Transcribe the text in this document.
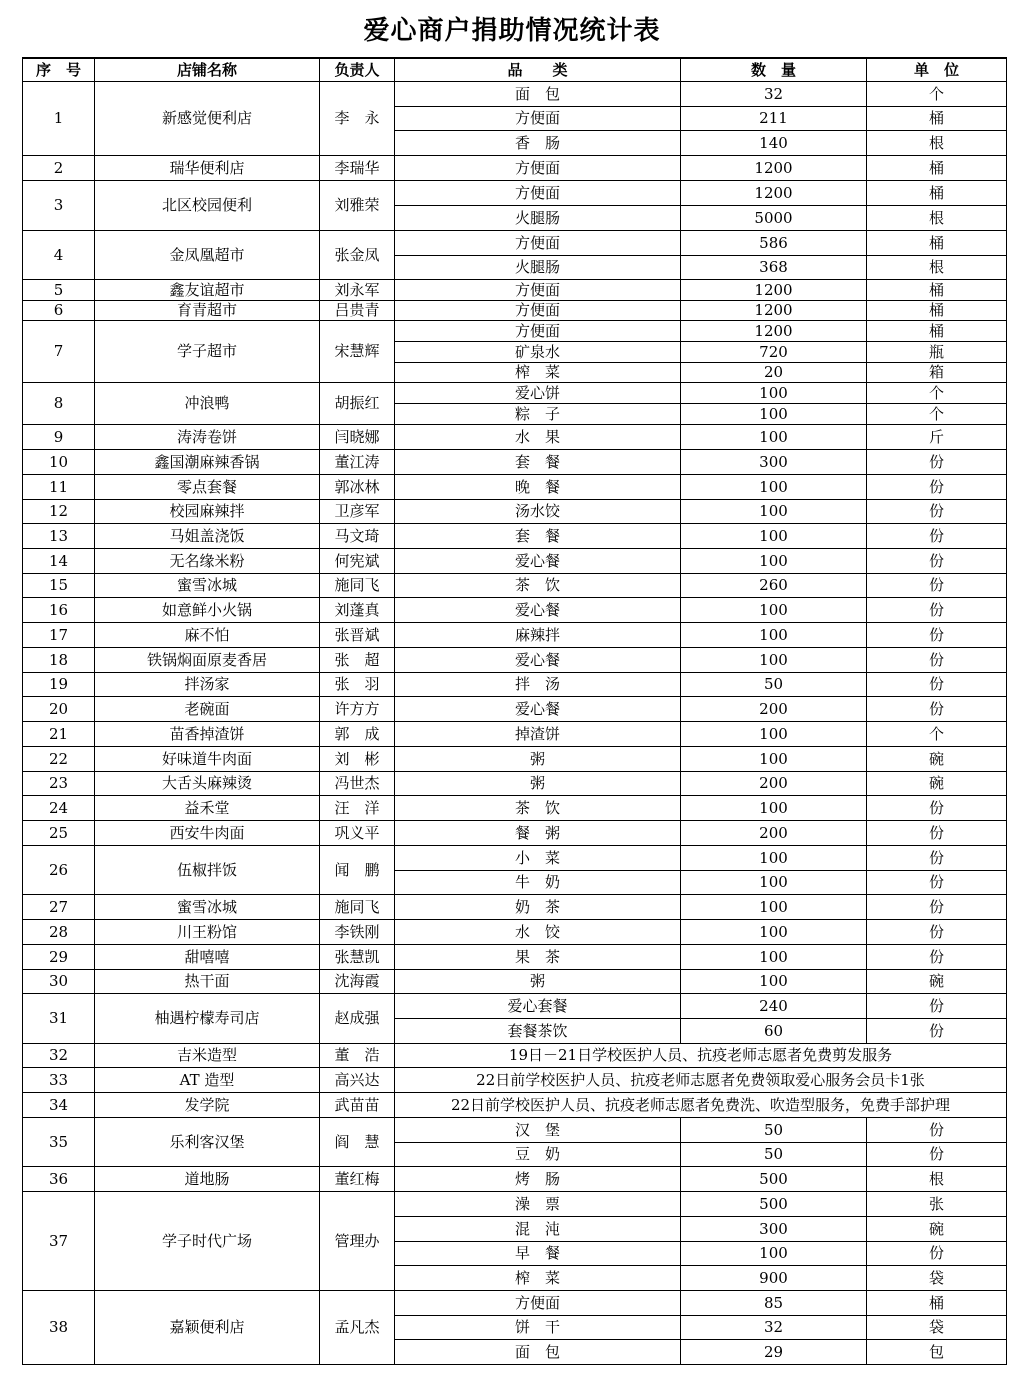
爱心商户捐助情况统计表
序　号	店铺名称	负责人	品　　类	数　量	单　位
1	新感觉便利店	李　永	面　包	32	个
			方便面	211	桶
			香　肠	140	根
2	瑞华便利店	李瑞华	方便面	1200	桶
3	北区校园便利	刘雅荣	方便面	1200	桶
			火腿肠	5000	根
4	金凤凰超市	张金凤	方便面	586	桶
			火腿肠	368	根
5	鑫友谊超市	刘永军	方便面	1200	桶
6	育青超市	吕贵青	方便面	1200	桶
7	学子超市	宋慧辉	方便面	1200	桶
			矿泉水	720	瓶
			榨　菜	20	箱
8	冲浪鸭	胡振红	爱心饼	100	个
			粽　子	100	个
9	涛涛卷饼	闫晓娜	水　果	100	斤
10	鑫国潮麻辣香锅	董江涛	套　餐	300	份
11	零点套餐	郭冰林	晚　餐	100	份
12	校园麻辣拌	卫彦军	汤水饺	100	份
13	马姐盖浇饭	马文琦	套　餐	100	份
14	无名缘米粉	何宪斌	爱心餐	100	份
15	蜜雪冰城	施同飞	茶　饮	260	份
16	如意鲜小火锅	刘蓬真	爱心餐	100	份
17	麻不怕	张晋斌	麻辣拌	100	份
18	铁锅焖面原麦香居	张　超	爱心餐	100	份
19	拌汤家	张　羽	拌　汤	50	份
20	老碗面	许方方	爱心餐	200	份
21	苗香掉渣饼	郭　成	掉渣饼	100	个
22	好味道牛肉面	刘　彬	粥	100	碗
23	大舌头麻辣烫	冯世杰	粥	200	碗
24	益禾堂	汪　洋	茶　饮	100	份
25	西安牛肉面	巩义平	餐　粥	200	份
26	伍椒拌饭	闻　鹏	小　菜	100	份
			牛　奶	100	份
27	蜜雪冰城	施同飞	奶　茶	100	份
28	川王粉馆	李铁刚	水　饺	100	份
29	甜嘻嘻	张慧凯	果　茶	100	份
30	热干面	沈海霞	粥	100	碗
31	柚遇柠檬寿司店	赵成强	爱心套餐	240	份
			套餐茶饮	60	份
32	吉米造型	董　浩	19日－21日学校医护人员、抗疫老师志愿者免费剪发服务		
33	AT 造型	高兴达	22日前学校医护人员、抗疫老师志愿者免费领取爱心服务会员卡1张		
34	发学院	武苗苗	22日前学校医护人员、抗疫老师志愿者免费洗、吹造型服务，免费手部护理		
35	乐利客汉堡	阎　慧	汉　堡	50	份
			豆　奶	50	份
36	道地肠	董红梅	烤　肠	500	根
37	学子时代广场	管理办	澡　票	500	张
			混　沌	300	碗
			早　餐	100	份
			榨　菜	900	袋
38	嘉颖便利店	孟凡杰	方便面	85	桶
			饼　干	32	袋
			面　包	29	包
